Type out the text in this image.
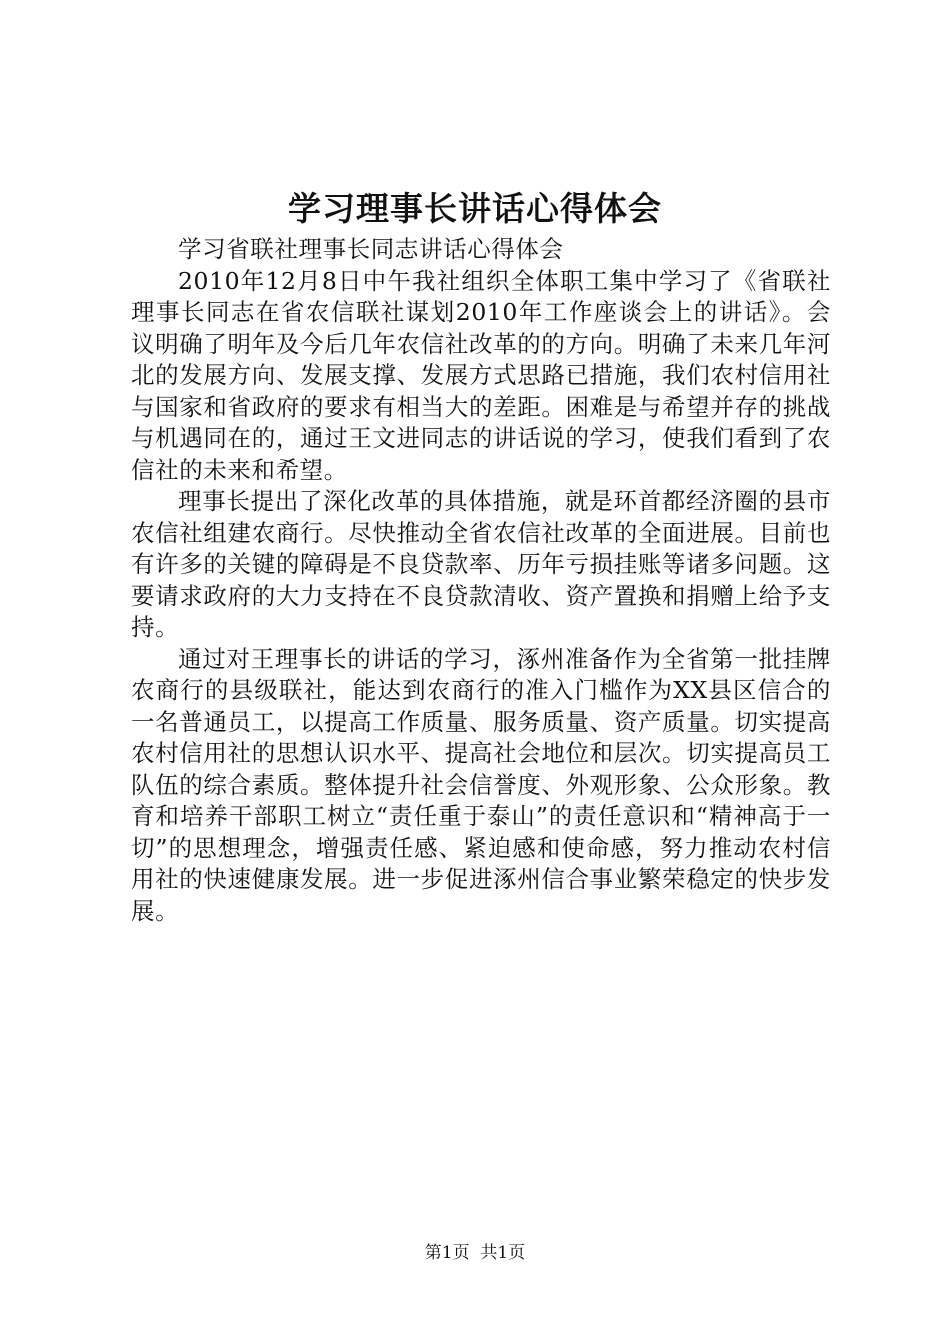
学习理事长讲话心得体会

学习省联社理事长同志讲话心得体会

2010年12月8日中午我社组织全体职工集中学习了《省联社理事长同志在省农信联社谋划2010年工作座谈会上的讲话》。会议明确了明年及今后几年农信社改革的的方向。明确了未来几年河北的发展方向、发展支撑、发展方式思路已措施，我们农村信用社与国家和省政府的要求有相当大的差距。困难是与希望并存的挑战与机遇同在的，通过王文进同志的讲话说的学习，使我们看到了农信社的未来和希望。

理事长提出了深化改革的具体措施，就是环首都经济圈的县市农信社组建农商行。尽快推动全省农信社改革的全面进展。目前也有许多的关键的障碍是不良贷款率、历年亏损挂账等诸多问题。这要请求政府的大力支持在不良贷款清收、资产置换和捐赠上给予支持。

通过对王理事长的讲话的学习，涿州准备作为全省第一批挂牌农商行的县级联社，能达到农商行的准入门槛作为XX县区信合的一名普通员工，以提高工作质量、服务质量、资产质量。切实提高农村信用社的思想认识水平、提高社会地位和层次。切实提高员工队伍的综合素质。整体提升社会信誉度、外观形象、公众形象。教育和培养干部职工树立“责任重于泰山”的责任意识和“精神高于一切”的思想理念，增强责任感、紧迫感和使命感，努力推动农村信用社的快速健康发展。进一步促进涿州信合事业繁荣稳定的快步发展。

第1页 共1页
